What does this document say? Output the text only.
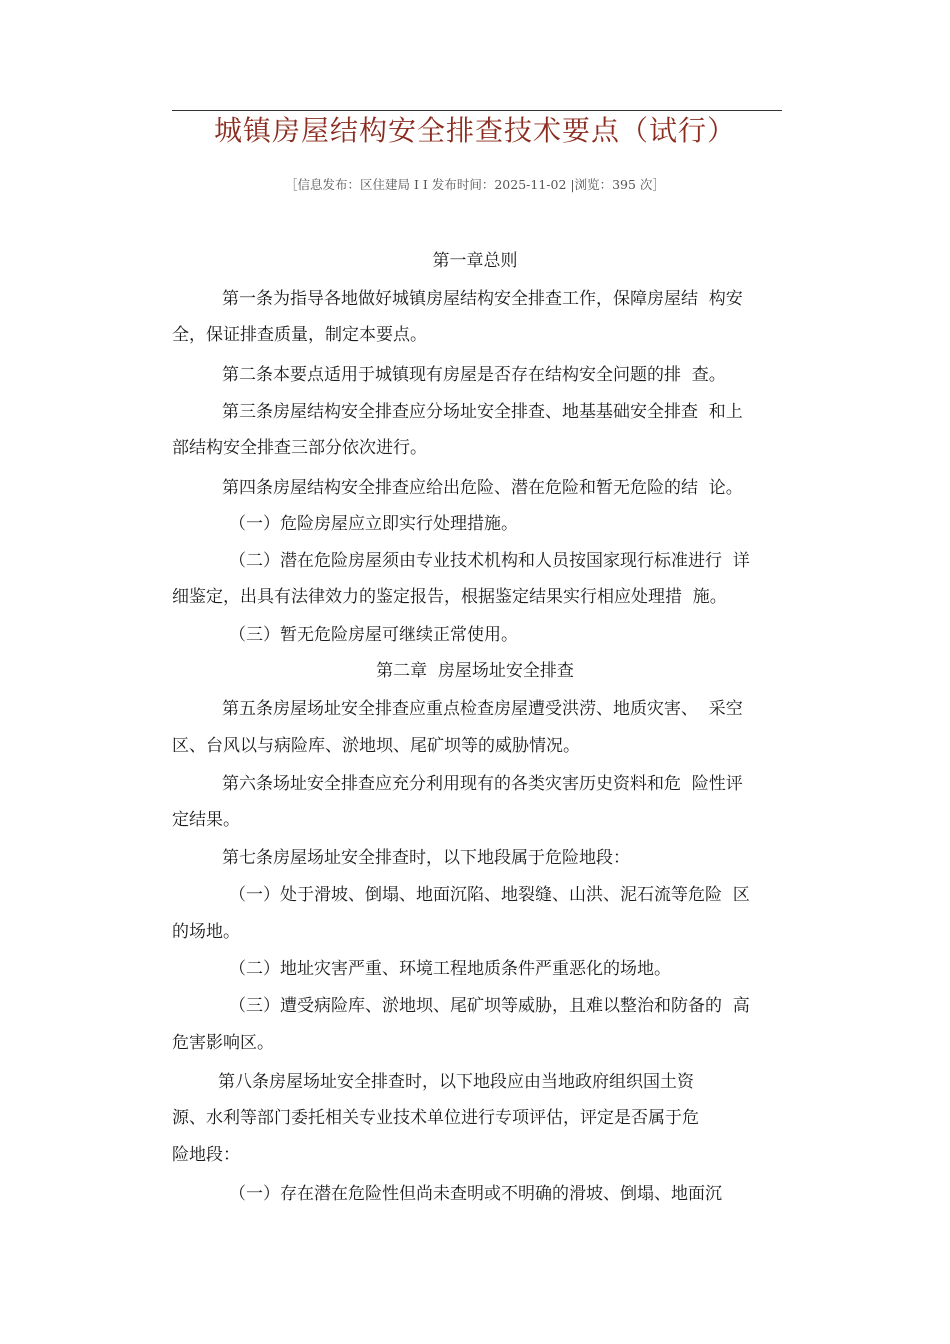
城镇房屋结构安全排查技术要点（试行）
［信息发布：区住建局 I I 发布时间：2025-11-02 |浏览：395 次］
第一章总则
第一条为指导各地做好城镇房屋结构安全排查工作，保障房屋结  构安
全，保证排查质量，制定本要点。
第二条本要点适用于城镇现有房屋是否存在结构安全问题的排  查。
第三条房屋结构安全排查应分场址安全排查、地基基础安全排查  和上
部结构安全排查三部分依次进行。
第四条房屋结构安全排查应给出危险、潜在危险和暂无危险的结  论。
（一）危险房屋应立即实行处理措施。
（二）潜在危险房屋须由专业技术机构和人员按国家现行标准进行  详
细鉴定，出具有法律效力的鉴定报告，根据鉴定结果实行相应处理措  施。
（三）暂无危险房屋可继续正常使用。
第二章  房屋场址安全排查
第五条房屋场址安全排查应重点检查房屋遭受洪涝、地质灾害、  采空
区、台风以与病险库、淤地坝、尾矿坝等的威胁情况。
第六条场址安全排查应充分利用现有的各类灾害历史资料和危  险性评
定结果。
第七条房屋场址安全排查时，以下地段属于危险地段：
（一）处于滑坡、倒塌、地面沉陷、地裂缝、山洪、泥石流等危险  区
的场地。
（二）地址灾害严重、环境工程地质条件严重恶化的场地。
（三）遭受病险库、淤地坝、尾矿坝等威胁，且难以整治和防备的  高
危害影响区。
第八条房屋场址安全排查时，以下地段应由当地政府组织国土资
源、水利等部门委托相关专业技术单位进行专项评估，评定是否属于危
险地段：
（一）存在潜在危险性但尚未查明或不明确的滑坡、倒塌、地面沉
